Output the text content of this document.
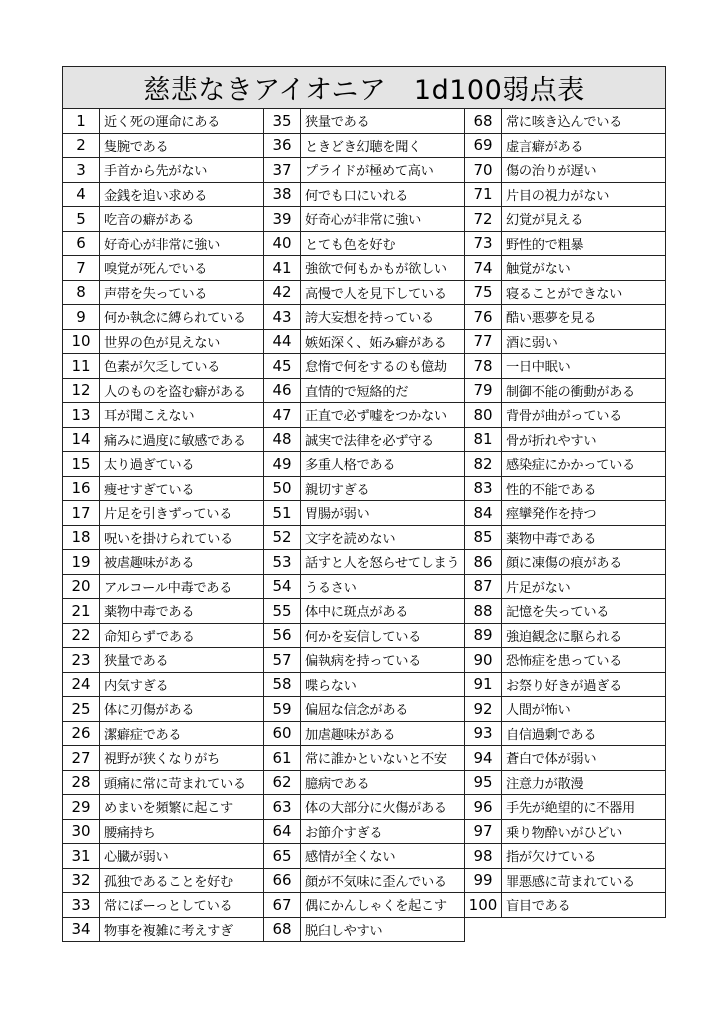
慈悲なきアイオニア　1d100弱点表					
1	近く死の運命にある	35	狭量である	68	常に咳き込んでいる
2	隻腕である	36	ときどき幻聴を聞く	69	虚言癖がある
3	手首から先がない	37	プライドが極めて高い	70	傷の治りが遅い
4	金銭を追い求める	38	何でも口にいれる	71	片目の視力がない
5	吃音の癖がある	39	好奇心が非常に強い	72	幻覚が見える
6	好奇心が非常に強い	40	とても色を好む	73	野性的で粗暴
7	嗅覚が死んでいる	41	強欲で何もかもが欲しい	74	触覚がない
8	声帯を失っている	42	高慢で人を見下している	75	寝ることができない
9	何か執念に縛られている	43	誇大妄想を持っている	76	酷い悪夢を見る
10	世界の色が見えない	44	嫉妬深く、妬み癖がある	77	酒に弱い
11	色素が欠乏している	45	怠惰で何をするのも億劫	78	一日中眠い
12	人のものを盗む癖がある	46	直情的で短絡的だ	79	制御不能の衝動がある
13	耳が聞こえない	47	正直で必ず嘘をつかない	80	背骨が曲がっている
14	痛みに過度に敏感である	48	誠実で法律を必ず守る	81	骨が折れやすい
15	太り過ぎている	49	多重人格である	82	感染症にかかっている
16	痩せすぎている	50	親切すぎる	83	性的不能である
17	片足を引きずっている	51	胃腸が弱い	84	痙攣発作を持つ
18	呪いを掛けられている	52	文字を読めない	85	薬物中毒である
19	被虐趣味がある	53	話すと人を怒らせてしまう	86	顔に凍傷の痕がある
20	アルコール中毒である	54	うるさい	87	片足がない
21	薬物中毒である	55	体中に斑点がある	88	記憶を失っている
22	命知らずである	56	何かを妄信している	89	強迫観念に駆られる
23	狭量である	57	偏執病を持っている	90	恐怖症を患っている
24	内気すぎる	58	喋らない	91	お祭り好きが過ぎる
25	体に刃傷がある	59	偏屈な信念がある	92	人間が怖い
26	潔癖症である	60	加虐趣味がある	93	自信過剰である
27	視野が狭くなりがち	61	常に誰かといないと不安	94	蒼白で体が弱い
28	頭痛に常に苛まれている	62	臆病である	95	注意力が散漫
29	めまいを頻繁に起こす	63	体の大部分に火傷がある	96	手先が絶望的に不器用
30	腰痛持ち	64	お節介すぎる	97	乗り物酔いがひどい
31	心臓が弱い	65	感情が全くない	98	指が欠けている
32	孤独であることを好む	66	顔が不気味に歪んでいる	99	罪悪感に苛まれている
33	常にぼーっとしている	67	偶にかんしゃくを起こす	100	盲目である
34	物事を複雑に考えすぎ	68	脱臼しやすい		
